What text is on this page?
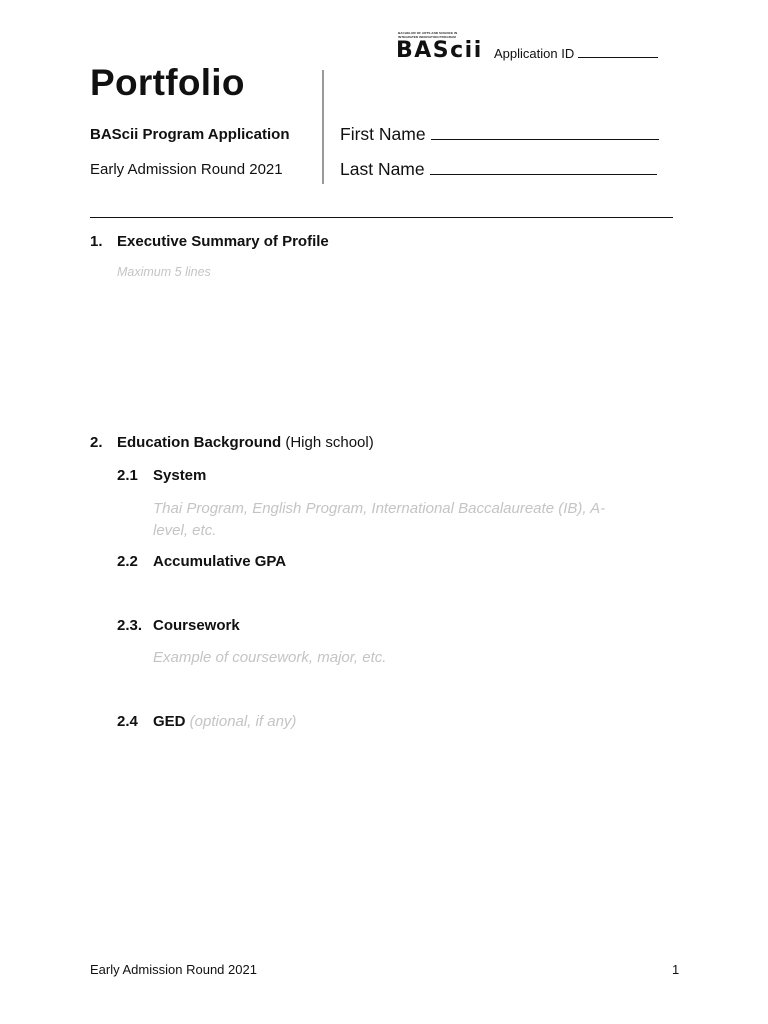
BACHELOR OF ARTS AND SCIENCE IN
INTEGRATED INNOVATION PROGRAM
BAScii Application ID
Portfolio
BAScii Program Application
Early Admission Round 2021
First Name
Last Name
1. Executive Summary of Profile
Maximum 5 lines
2. Education Background (High school)
2.1 System
Thai Program, English Program, International Baccalaureate (IB), A-
level, etc.
2.2 Accumulative GPA
2.3. Coursework
Example of coursework, major, etc.
2.4 GED (optional, if any)
Early Admission Round 2021	1
